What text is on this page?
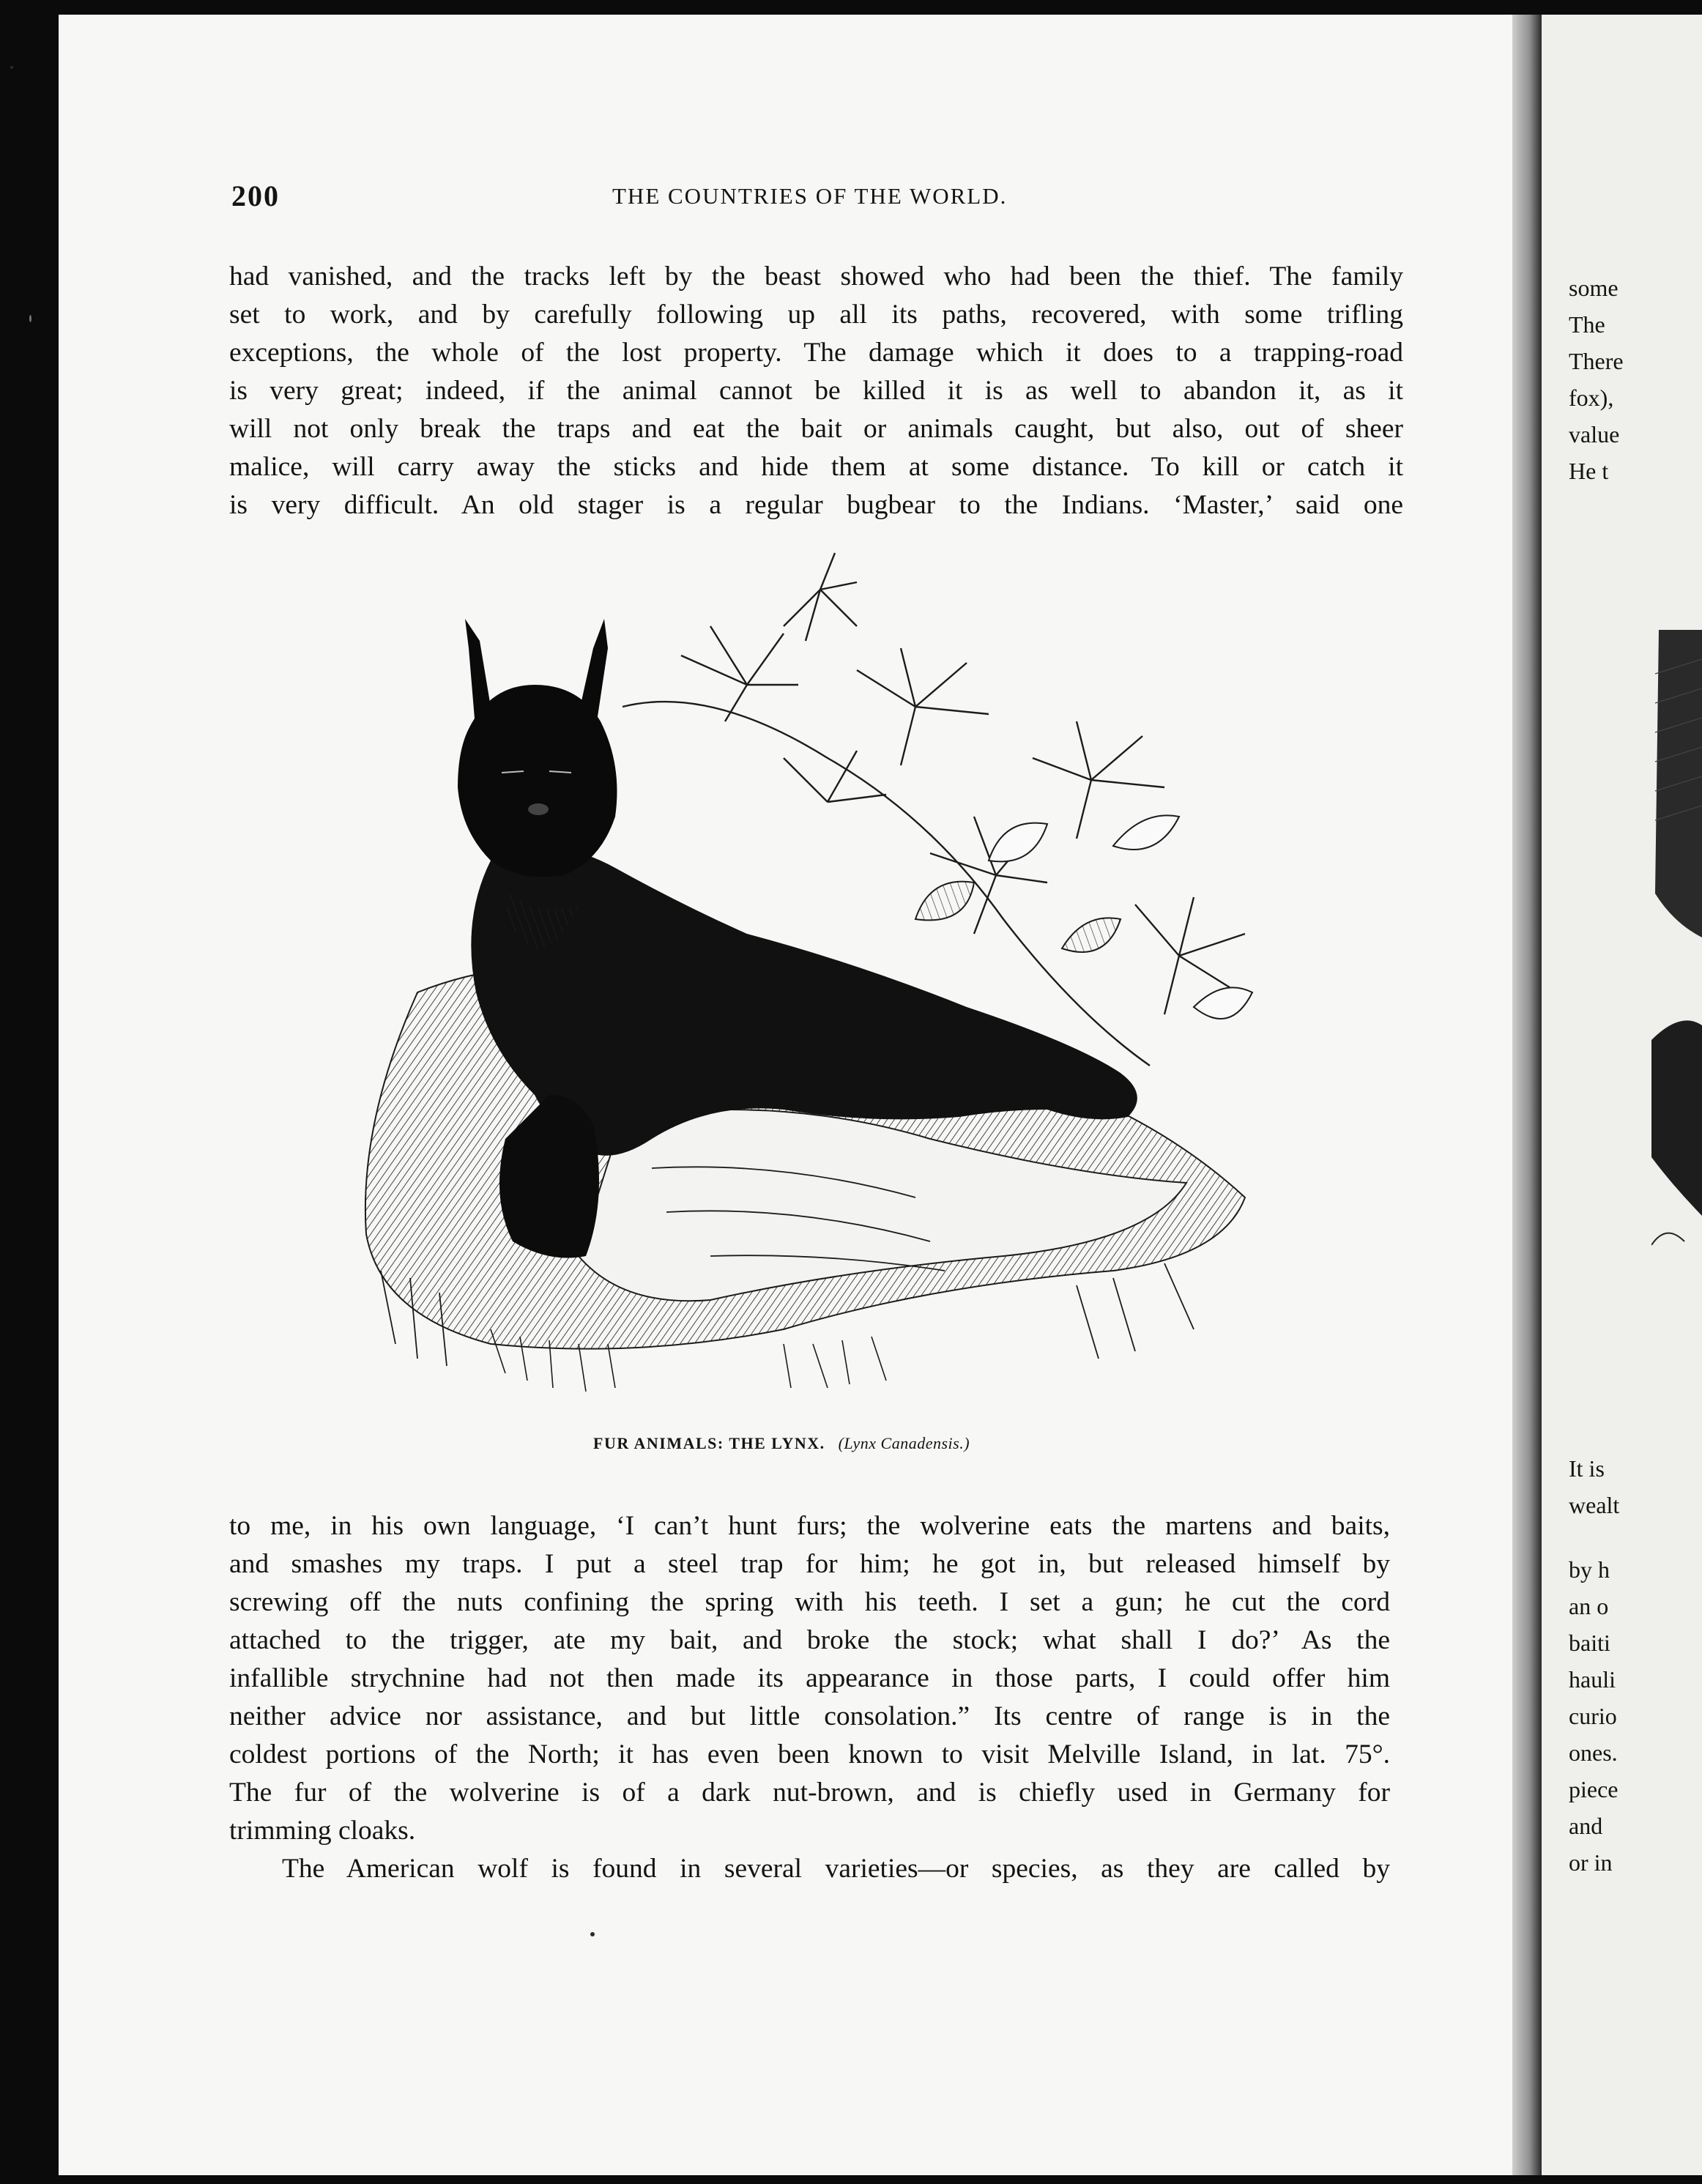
200	THE COUNTRIES OF THE WORLD.
had vanished, and the tracks left by the beast showed who had been the thief. The family
set to work, and by carefully following up all its paths, recovered, with some trifling
exceptions, the whole of the lost property. The damage which it does to a trapping-road
is very great; indeed, if the animal cannot be killed it is as well to abandon it, as it
will not only break the traps and eat the bait or animals caught, but also, out of sheer
malice, will carry away the sticks and hide them at some distance. To kill or catch it
is very difficult. An old stager is a regular bugbear to the Indians. ‘Master,’ said one
FUR ANIMALS: THE LYNX. (Lynx Canadensis.)
to me, in his own language, ‘I can’t hunt furs; the wolverine eats the martens and baits,
and smashes my traps. I put a steel trap for him; he got in, but released himself by
screwing off the nuts confining the spring with his teeth. I set a gun; he cut the cord
attached to the trigger, ate my bait, and broke the stock; what shall I do?’ As the
infallible strychnine had not then made its appearance in those parts, I could offer him
neither advice nor assistance, and but little consolation.” Its centre of range is in the
coldest portions of the North; it has even been known to visit Melville Island, in lat. 75°.
The fur of the wolverine is of a dark nut-brown, and is chiefly used in Germany for
trimming cloaks.
The American wolf is found in several varieties—or species, as they are called by
some
The
There
fox),
value
He t
It is
wealt
by h
an o
baiti
hauli
curio
ones.
piece
and
or in
